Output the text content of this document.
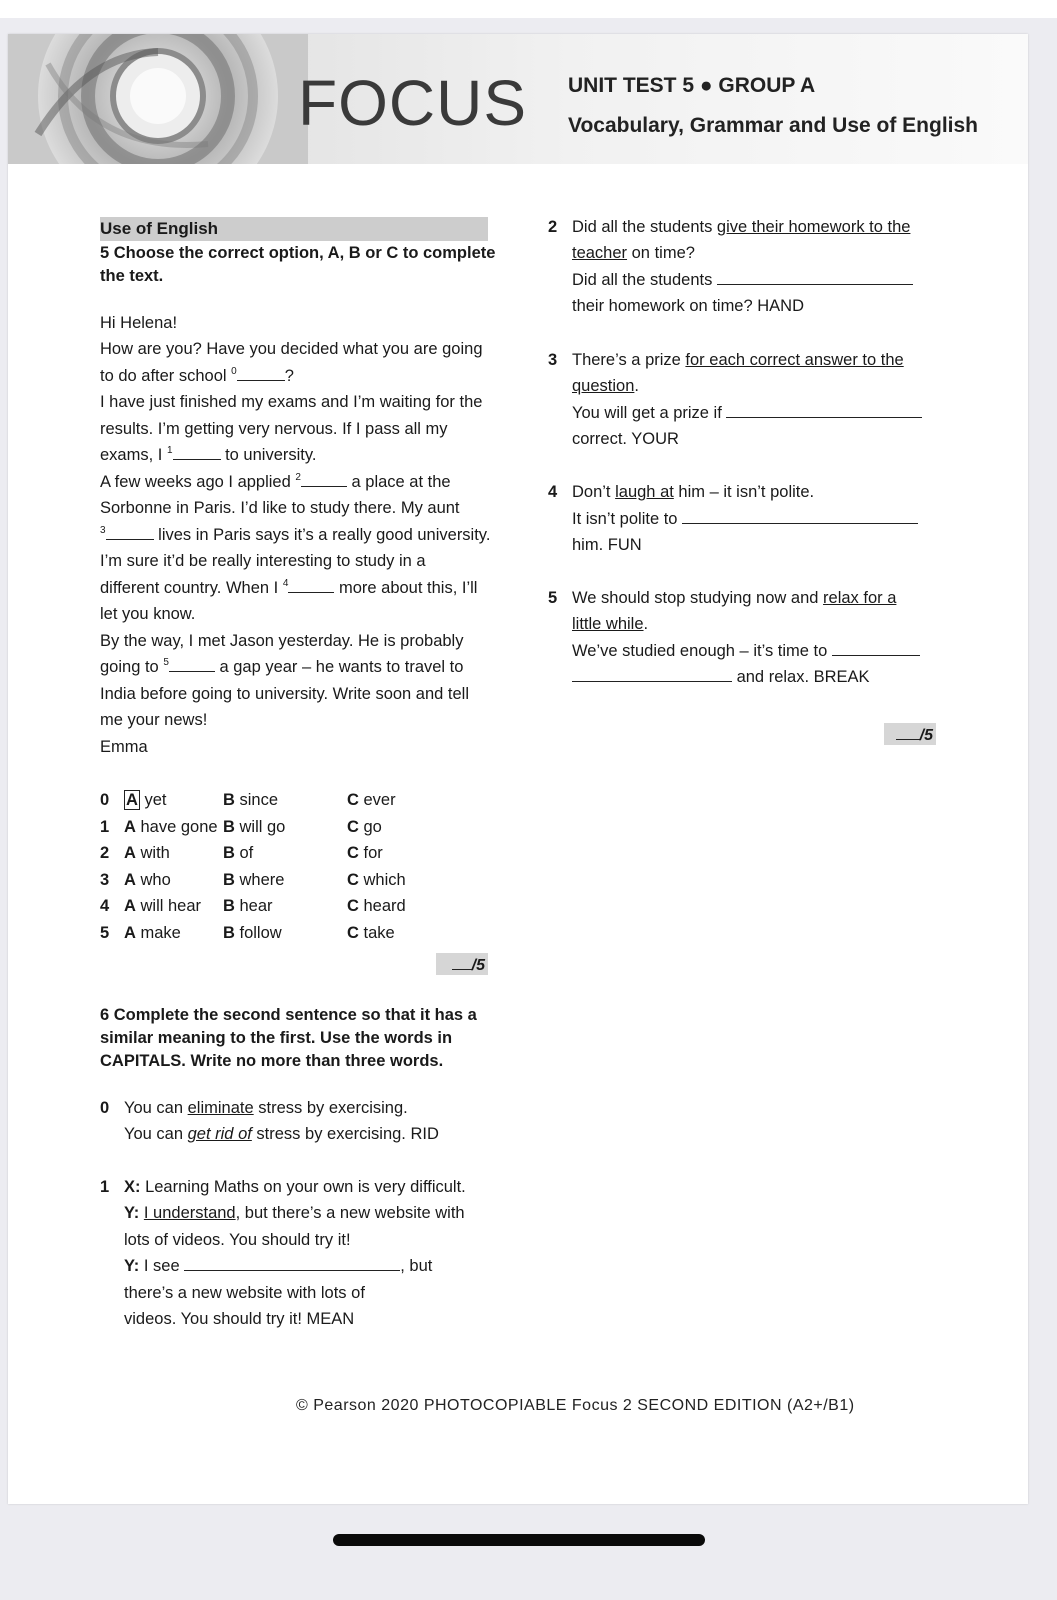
FOCUS UNIT TEST 5 ● GROUP A
Vocabulary, Grammar and Use of English
Use of English
5 Choose the correct option, A, B or C to complete
the text.
Hi Helena!
How are you? Have you decided what you are going
to do after school $^0$	?
I have just finished my exams and I’m waiting for the
results. I’m getting very nervous. If I pass all my
exams, I $^1$	to university.
A few weeks ago I applied $^2$	a place at the
Sorbonne in Paris. I’d like to study there. My aunt
$^3$	lives in Paris says it’s a really good university.
I’m sure it’d be really interesting to study in a
different country. When I $^4$	more about this, I’ll
let you know.
By the way, I met Jason yesterday. He is probably
going to $^5$	a gap year – he wants to travel to
India before going to university. Write soon and tell
me your news!
Emma
0 A yet	B since	C ever
1 A have gone B will go	C go
2 A with	B of	C for
3 A who	B where	C which
4 A will hear B hear	C heard
5 A make	B follow	C take
/5
6 Complete the second sentence so that it has a
similar meaning to the first. Use the words in
CAPITALS. Write no more than three words.
0 You can eliminate stress by exercising.
You can get rid of stress by exercising. RID
1 X: Learning Maths on your own is very difficult.
Y: I understand, but there’s a new website with
lots of videos. You should try it!
Y: I see	, but
there’s a new website with lots of
videos. You should try it! MEAN
2 Did all the students give their homework to the
teacher on time?
Did all the students
their homework on time? HAND
3 There’s a prize for each correct answer to the
question.
You will get a prize if
correct. YOUR
4 Don’t laugh at him – it isn’t polite.
It isn’t polite to
him. FUN
5 We should stop studying now and relax for a
little while.
We’ve studied enough – it’s time to
and relax. BREAK
/5
© Pearson 2020 PHOTOCOPIABLE Focus 2 SECOND EDITION (A2+/B1)
